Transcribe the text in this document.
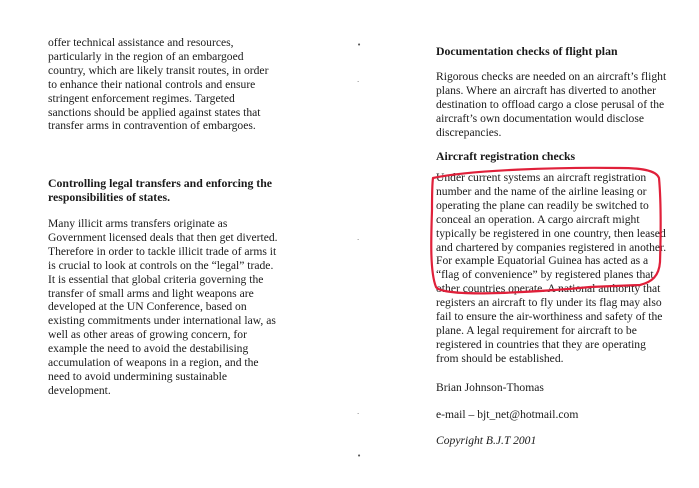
offer technical assistance and resources,

particularly in the region of an embargoed

country, which are likely transit routes, in order

to enhance their national controls and ensure

stringent enforcement regimes. Targeted

sanctions should be applied against states that

transfer arms in contravention of embargoes.

Controlling legal transfers and enforcing the

responsibilities of states.

Many illicit arms transfers originate as

Government licensed deals that then get diverted.

Therefore in order to tackle illicit trade of arms it

is crucial to look at controls on the “legal” trade.

It is essential that global criteria governing the

transfer of small arms and light weapons are

developed at the UN Conference, based on

existing commitments under international law, as

well as other areas of growing concern, for

example the need to avoid the destabilising

accumulation of weapons in a region, and the

need to avoid undermining sustainable

development.

•
·
·
·
•
Documentation checks of flight plan

Rigorous checks are needed on an aircraft’s flight

plans. Where an aircraft has diverted to another

destination to offload cargo a close perusal of the

aircraft’s own documentation would disclose

discrepancies.

Aircraft registration checks

Under current systems an aircraft registration

number and the name of the airline leasing or

operating the plane can readily be switched to

conceal an operation. A cargo aircraft might

typically be registered in one country, then leased

and chartered by companies registered in another.

For example Equatorial Guinea has acted as a

“flag of convenience” by registered planes that

other countries operate. A national authority that

registers an aircraft to fly under its flag may also

fail to ensure the air-worthiness and safety of the

plane. A legal requirement for aircraft to be

registered in countries that they are operating

from should be established.

Brian Johnson-Thomas
e-mail – bjt_net@hotmail.com
Copyright B.J.T 2001
